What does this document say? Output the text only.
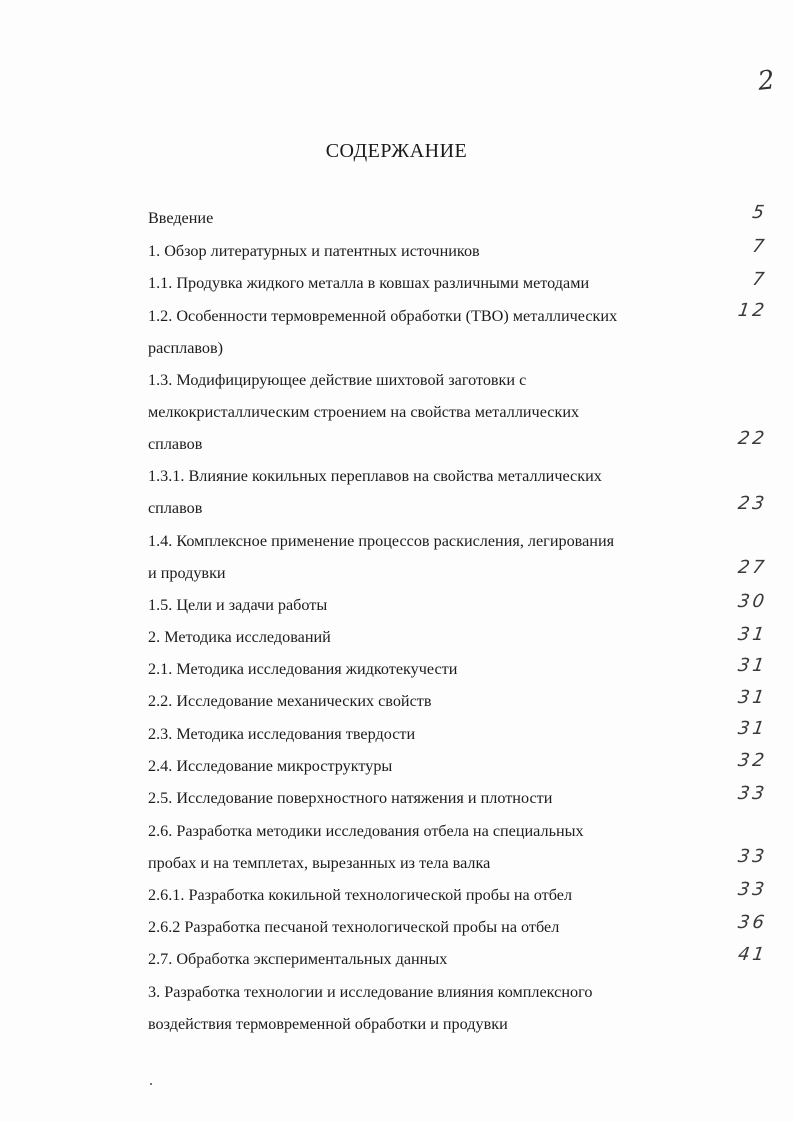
2
СОДЕРЖАНИЕ
Введение	5
1. Обзор литературных и патентных источников	7
1.1. Продувка жидкого металла в ковшах различными методами	7
1.2. Особенности термовременной обработки (ТВО) металлических	12
расплавов)
1.3. Модифицирующее действие шихтовой заготовки с
мелкокристаллическим строением на свойства металлических
сплавов	22
1.3.1. Влияние кокильных переплавов на свойства металлических
сплавов	23
1.4. Комплексное применение процессов раскисления, легирования
и продувки	27
1.5. Цели и задачи работы	30
2. Методика исследований	31
2.1. Методика исследования жидкотекучести	31
2.2. Исследование механических свойств	31
2.3. Методика исследования твердости	31
2.4. Исследование микроструктуры	32
2.5. Исследование поверхностного натяжения и плотности	33
2.6. Разработка методики исследования отбела на специальных
пробах и на темплетах, вырезанных из тела валка	33
2.6.1. Разработка кокильной технологической пробы на отбел	33
2.6.2 Разработка песчаной технологической пробы на отбел	36
2.7. Обработка экспериментальных данных	41
3. Разработка технологии и исследование влияния комплексного
воздействия термовременной обработки и продувки
